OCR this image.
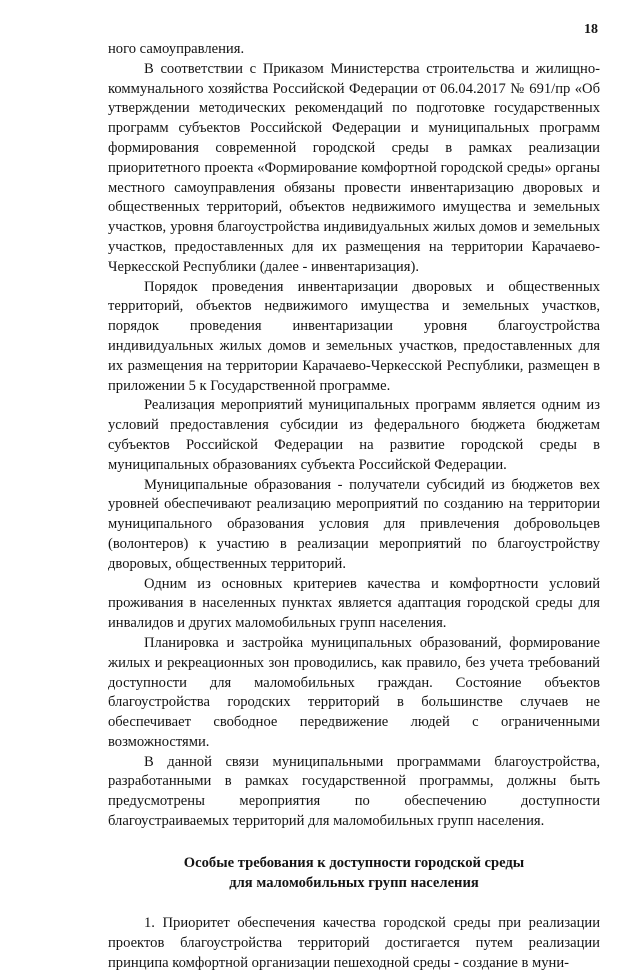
18

ного самоуправления.

В соответствии с Приказом Министерства строительства и жилищно-коммунального хозяйства Российской Федерации от 06.04.2017 № 691/пр «Об утверждении методических рекомендаций по подготовке государственных программ субъектов Российской Федерации и муниципальных программ формирования современной городской среды в рамках реализации приоритетного проекта «Формирование комфортной городской среды» органы местного самоуправления обязаны провести инвентаризацию дворовых и общественных территорий, объектов недвижимого имущества и земельных участков, уровня благоустройства индивидуальных жилых домов и земельных участков, предоставленных для их размещения на территории Карачаево-Черкесской Республики (далее - инвентаризация).

Порядок проведения инвентаризации дворовых и общественных территорий, объектов недвижимого имущества и земельных участков, порядок проведения инвентаризации уровня благоустройства индивидуальных жилых домов и земельных участков, предоставленных для их размещения на территории Карачаево-Черкесской Республики, размещен в приложении 5 к Государственной программе.

Реализация мероприятий муниципальных программ является одним из условий предоставления субсидии из федерального бюджета бюджетам субъектов Российской Федерации на развитие городской среды в муниципальных образованиях субъекта Российской Федерации.

Муниципальные образования - получатели субсидий из бюджетов вех уровней обеспечивают реализацию мероприятий по созданию на территории муниципального образования условия для привлечения добровольцев (волонтеров) к участию в реализации мероприятий по благоустройству дворовых, общественных территорий.

Одним из основных критериев качества и комфортности условий проживания в населенных пунктах является адаптация городской среды для инвалидов и других маломобильных групп населения.

Планировка и застройка муниципальных образований, формирование жилых и рекреационных зон проводились, как правило, без учета требований доступности для маломобильных граждан. Состояние объектов благоустройства городских территорий в большинстве случаев не обеспечивает свободное передвижение людей с ограниченными возможностями.

В данной связи муниципальными программами благоустройства, разработанными в рамках государственной программы, должны быть предусмотрены мероприятия по обеспечению доступности благоустраиваемых территорий для маломобильных групп населения.

Особые требования к доступности городской среды
для маломобильных групп населения

1. Приоритет обеспечения качества городской среды при реализации проектов благоустройства территорий достигается путем реализации принципа комфортной организации пешеходной среды - создание в муни-
